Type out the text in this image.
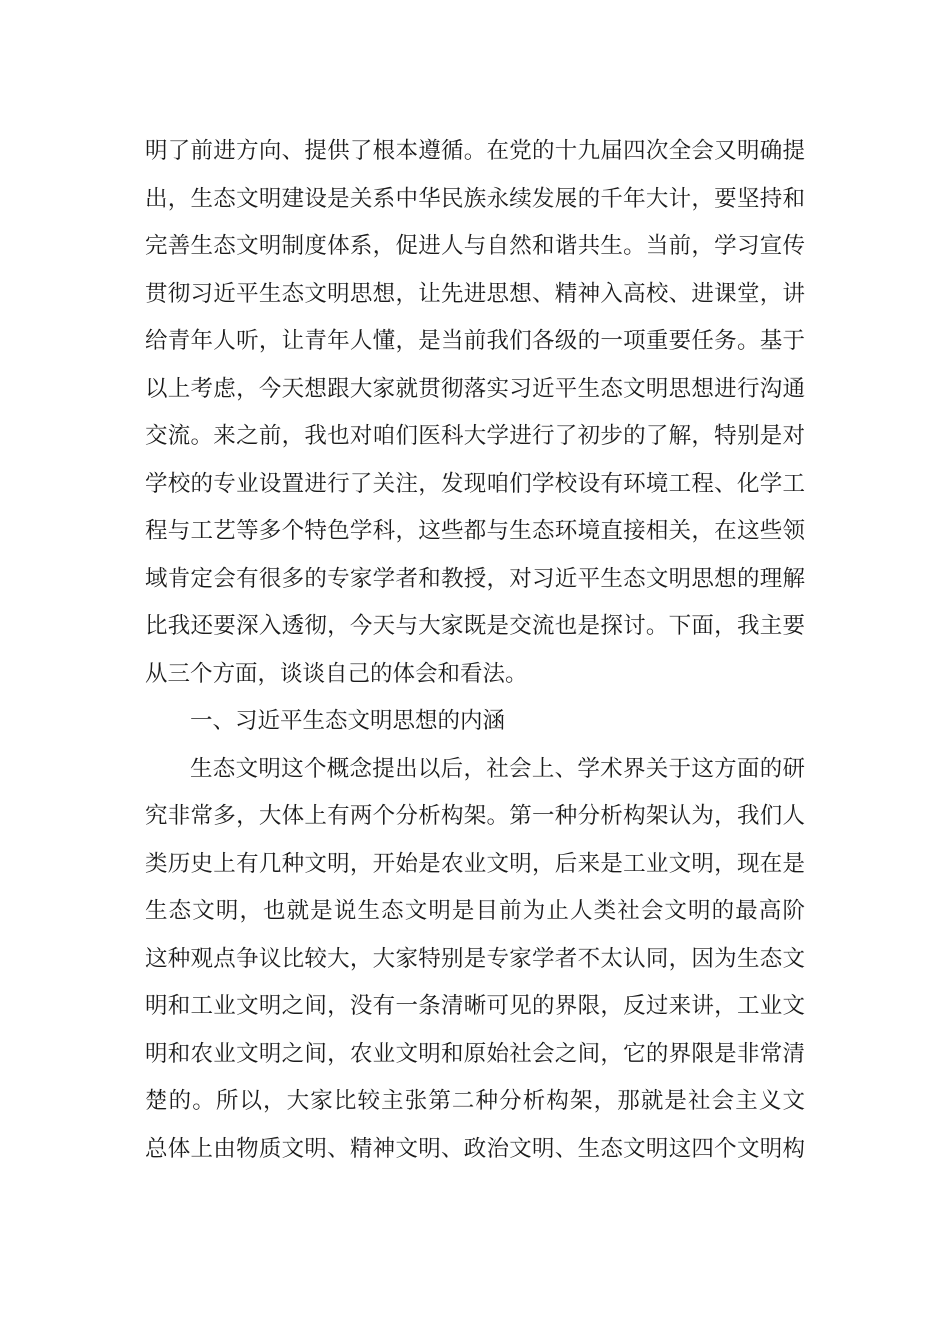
明了前进方向、提供了根本遵循。在党的十九届四次全会又明确提
出，生态文明建设是关系中华民族永续发展的千年大计，要坚持和
完善生态文明制度体系，促进人与自然和谐共生。当前，学习宣传
贯彻习近平生态文明思想，让先进思想、精神入高校、进课堂，讲
给青年人听，让青年人懂，是当前我们各级的一项重要任务。基于
以上考虑，今天想跟大家就贯彻落实习近平生态文明思想进行沟通
交流。来之前，我也对咱们医科大学进行了初步的了解，特别是对
学校的专业设置进行了关注，发现咱们学校设有环境工程、化学工
程与工艺等多个特色学科，这些都与生态环境直接相关，在这些领
域肯定会有很多的专家学者和教授，对习近平生态文明思想的理解
比我还要深入透彻，今天与大家既是交流也是探讨。下面，我主要
从三个方面，谈谈自己的体会和看法。
一、习近平生态文明思想的内涵
生态文明这个概念提出以后，社会上、学术界关于这方面的研
究非常多，大体上有两个分析构架。第一种分析构架认为，我们人
类历史上有几种文明，开始是农业文明，后来是工业文明，现在是
生态文明，也就是说生态文明是目前为止人类社会文明的最高阶
这种观点争议比较大，大家特别是专家学者不太认同，因为生态文
明和工业文明之间，没有一条清晰可见的界限，反过来讲，工业文
明和农业文明之间，农业文明和原始社会之间，它的界限是非常清
楚的。所以，大家比较主张第二种分析构架，那就是社会主义文
总体上由物质文明、精神文明、政治文明、生态文明这四个文明构
